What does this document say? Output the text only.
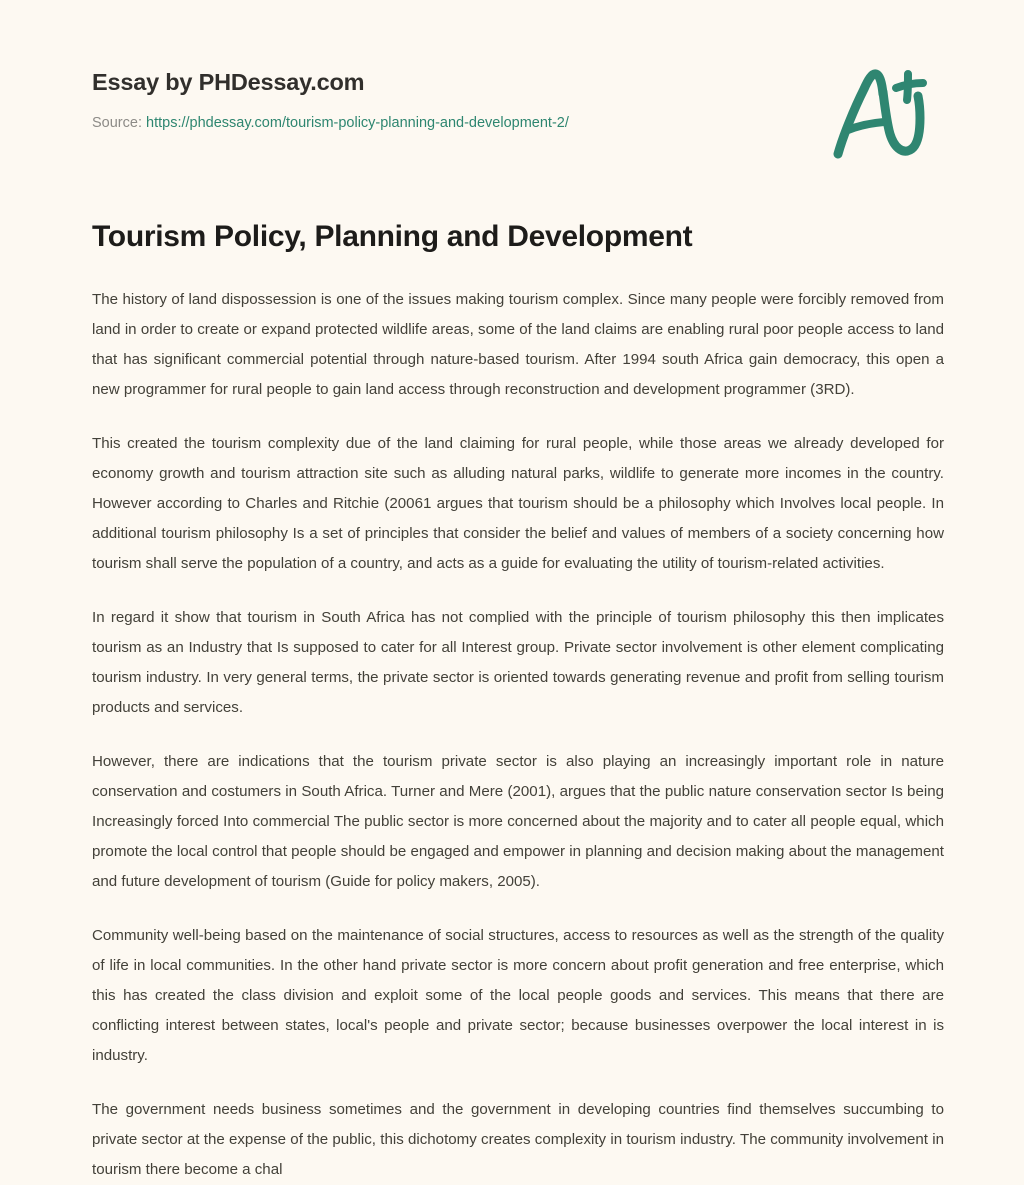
Essay by PHDessay.com
Source: https://phdessay.com/tourism-policy-planning-and-development-2/
Tourism Policy, Planning and Development

The history of land dispossession is one of the issues making tourism complex. Since many people were forcibly removed from land in order to create or expand protected wildlife areas, some of the land claims are enabling rural poor people access to land that has significant commercial potential through nature-based tourism. After 1994 south Africa gain democracy, this open a new programmer for rural people to gain land access through reconstruction and development programmer (3RD).

This created the tourism complexity due of the land claiming for rural people, while those areas we already developed for economy growth and tourism attraction site such as alluding natural parks, wildlife to generate more incomes in the country. However according to Charles and Ritchie (20061 argues that tourism should be a philosophy which Involves local people. In additional tourism philosophy Is a set of principles that consider the belief and values of members of a society concerning how tourism shall serve the population of a country, and acts as a guide for evaluating the utility of tourism-related activities.

In regard it show that tourism in South Africa has not complied with the principle of tourism philosophy this then implicates tourism as an Industry that Is supposed to cater for all Interest group. Private sector involvement is other element complicating tourism industry. In very general terms, the private sector is oriented towards generating revenue and profit from selling tourism products and services.

However, there are indications that the tourism private sector is also playing an increasingly important role in nature conservation and costumers in South Africa. Turner and Mere (2001), argues that the public nature conservation sector Is being Increasingly forced Into commercial The public sector is more concerned about the majority and to cater all people equal, which promote the local control that people should be engaged and empower in planning and decision making about the management and future development of tourism (Guide for policy makers, 2005).

Community well-being based on the maintenance of social structures, access to resources as well as the strength of the quality of life in local communities. In the other hand private sector is more concern about profit generation and free enterprise, which this has created the class division and exploit some of the local people goods and services. This means that there are conflicting interest between states, local's people and private sector; because businesses overpower the local interest in is industry.

The government needs business sometimes and the government in developing countries find themselves succumbing to private sector at the expense of the public, this dichotomy creates complexity in tourism industry. The community involvement in tourism there become a chal
